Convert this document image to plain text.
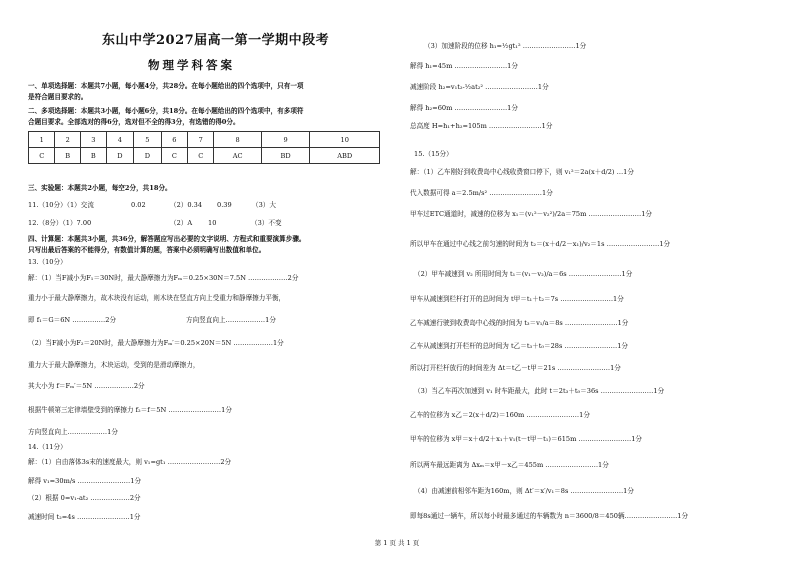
东山中学2027届高一第一学期中段考
物理学科答案
一、单项选择题：本题共7小题，每小题4分，共28分。在每小题给出的四个选项中，只有一项
是符合题目要求的。
二、多项选择题：本题共3小题，每小题6分，共18分。在每小题给出的四个选项中，有多项符
合题目要求。全部选对的得6分，选对但不全的得3分，有选错的得0分。
1	2	3	4	5	6	7	8	9	10
C	B	B	D	D	C	C	AC	BD	ABD
三、实验题：本题共2小题，每空2分，共18分。
11.（10分）（1）交流	0.02	（2）0.34 0.39	（3）大
12.（8分）（1）7.00	（2）A 10	（3）不变
四、计算题：本题共3小题，共36分，解答题应写出必要的文字说明、方程式和重要演算步骤。
只写出最后答案的不能得分，有数值计算的题，答案中必须明确写出数值和单位。
13.（10分）
解：（1）当F减小为F₁＝30N时，最大静摩擦力为Fₘ＝0.25×30N＝7.5N ………………2分
重力小于最大静摩擦力，故木块没有运动，则木块在竖直方向上受重力和静摩擦力平衡，
即 f₁＝G＝6N ……………2分	方向竖直向上………………1分
（2）当F减小为F₂＝20N时，最大静摩擦力为Fₘ′＝0.25×20N＝5N ………………1分
重力大于最大静摩擦力，木块运动，受到的是滑动摩擦力，
其大小为 f＝Fₘ′＝5N ………………2分
根据牛顿第三定律墙壁受到的摩擦力 f₂＝f＝5N ……………………1分
方向竖直向上………………1分
14.（11分）
解：（1）自由落体3s末的速度最大，则 v₁=gt₁ ……………………2分
解得 v₁=30m/s ……………………1分
（2）根据 0=v₁-at₂ ………………2分
减速时间 t₂=4s ……………………1分
（3）加速阶段的位移 h₁=½gt₁² ……………………1分
解得 h₁=45m ……………………1分
减速阶段 h₂=v₁t₂-½at₂² ……………………1分
解得 h₂=60m ……………………1分
总高度 H=h₁+h₂=105m ……………………1分
15.（15分）
解：（1）乙车刚好到收费岛中心线收费窗口停下，则 v₁²＝2a(x＋d/2) …1分
代入数据可得 a＝2.5m/s² ……………………1分
甲车过ETC通道时，减速的位移为 x₁＝(v₁²－v₂²)/2a＝75m ……………………1分
所以甲车在通过中心线之前匀速的时间为 t₂＝(x＋d/2－x₁)/v₂＝1s ……………………1分
（2）甲车减速到 v₂ 所用时间为 t₁＝(v₁－v₂)/a＝6s ……………………1分
甲车从减速到栏杆打开的总时间为 t甲＝t₁＋t₂＝7s ……………………1分
乙车减速行驶到收费岛中心线的时间为 t₃＝v₁/a＝8s ……………………1分
乙车从减速到打开栏杆的总时间为 t乙＝t₃＋t₀＝28s ……………………1分
所以打开栏杆放行的时间差为 Δt＝t乙－t甲＝21s ……………………1分
（3）当乙车再次加速到 v₁ 时车距最大，此时 t＝2t₃＋t₀＝36s ……………………1分
乙车的位移为 x乙＝2(x＋d/2)＝160m ……………………1分
甲车的位移为 x甲＝x＋d/2＋x₁＋v₁(t－t甲－t₁)＝615m ……………………1分
所以两车最远距离为 Δxₘ＝x甲－x乙＝455m ……………………1分
（4）由减速前相邻车距为160m，则 Δt′＝x′/v₁＝8s ……………………1分
即每8s通过一辆车，所以每小时最多通过的车辆数为 n＝3600/8＝450辆……………………1分
第 1 页 共 1 页
